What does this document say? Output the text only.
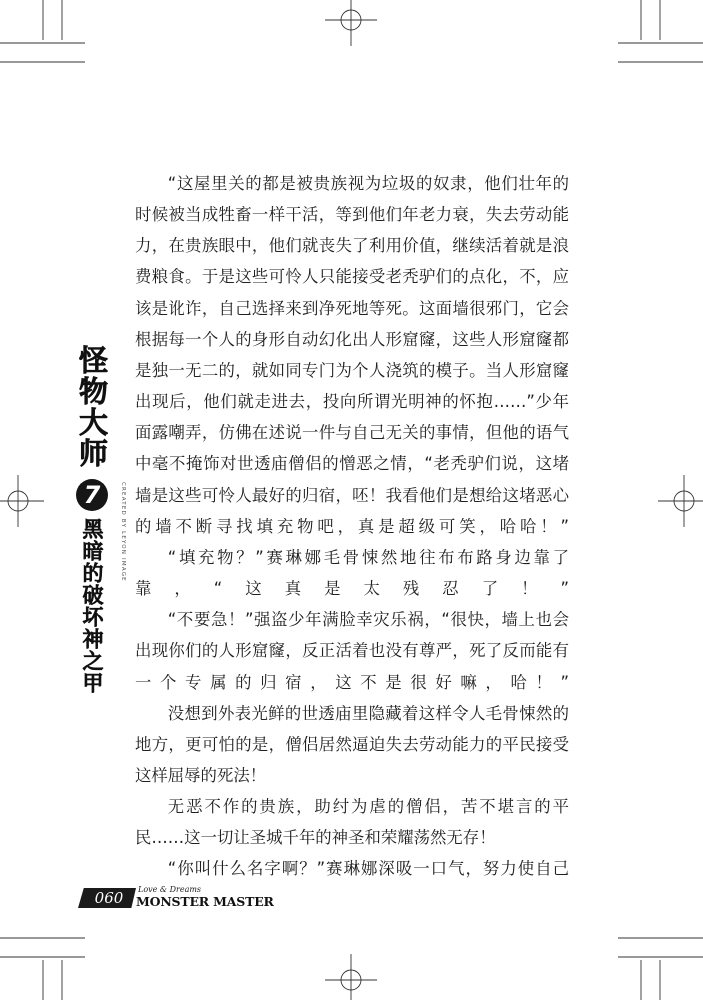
怪物大师 7 黑暗的破坏神之甲	CREATED BY LEYON IMAGE

“这屋里关的都是被贵族视为垃圾的奴隶，他们壮年的时候被当成牲畜一样干活，等到他们年老力衰，失去劳动能力，在贵族眼中，他们就丧失了利用价值，继续活着就是浪费粮食。于是这些可怜人只能接受老秃驴们的点化，不，应该是讹诈，自己选择来到净死地等死。这面墙很邪门，它会根据每一个人的身形自动幻化出人形窟窿，这些人形窟窿都是独一无二的，就如同专门为个人浇筑的模子。当人形窟窿出现后，他们就走进去，投向所谓光明神的怀抱……”少年面露嘲弄，仿佛在述说一件与自己无关的事情，但他的语气中毫不掩饰对世透庙僧侣的憎恶之情，“老秃驴们说，这堵墙是这些可怜人最好的归宿，呸！我看他们是想给这堵恶心的墙不断寻找填充物吧，真是超级可笑，哈哈！”

“填充物？”赛琳娜毛骨悚然地往布布路身边靠了靠，“这真是太残忍了！”

“不要急！”强盗少年满脸幸灾乐祸，“很快，墙上也会出现你们的人形窟窿，反正活着也没有尊严，死了反而能有一个专属的归宿，这不是很好嘛，哈！”

没想到外表光鲜的世透庙里隐藏着这样令人毛骨悚然的地方，更可怕的是，僧侣居然逼迫失去劳动能力的平民接受这样屈辱的死法！

无恶不作的贵族，助纣为虐的僧侣，苦不堪言的平民……这一切让圣城千年的神圣和荣耀荡然无存！

“你叫什么名字啊？”赛琳娜深吸一口气，努力使自己

060	Love & Dreams
MONSTER MASTER
